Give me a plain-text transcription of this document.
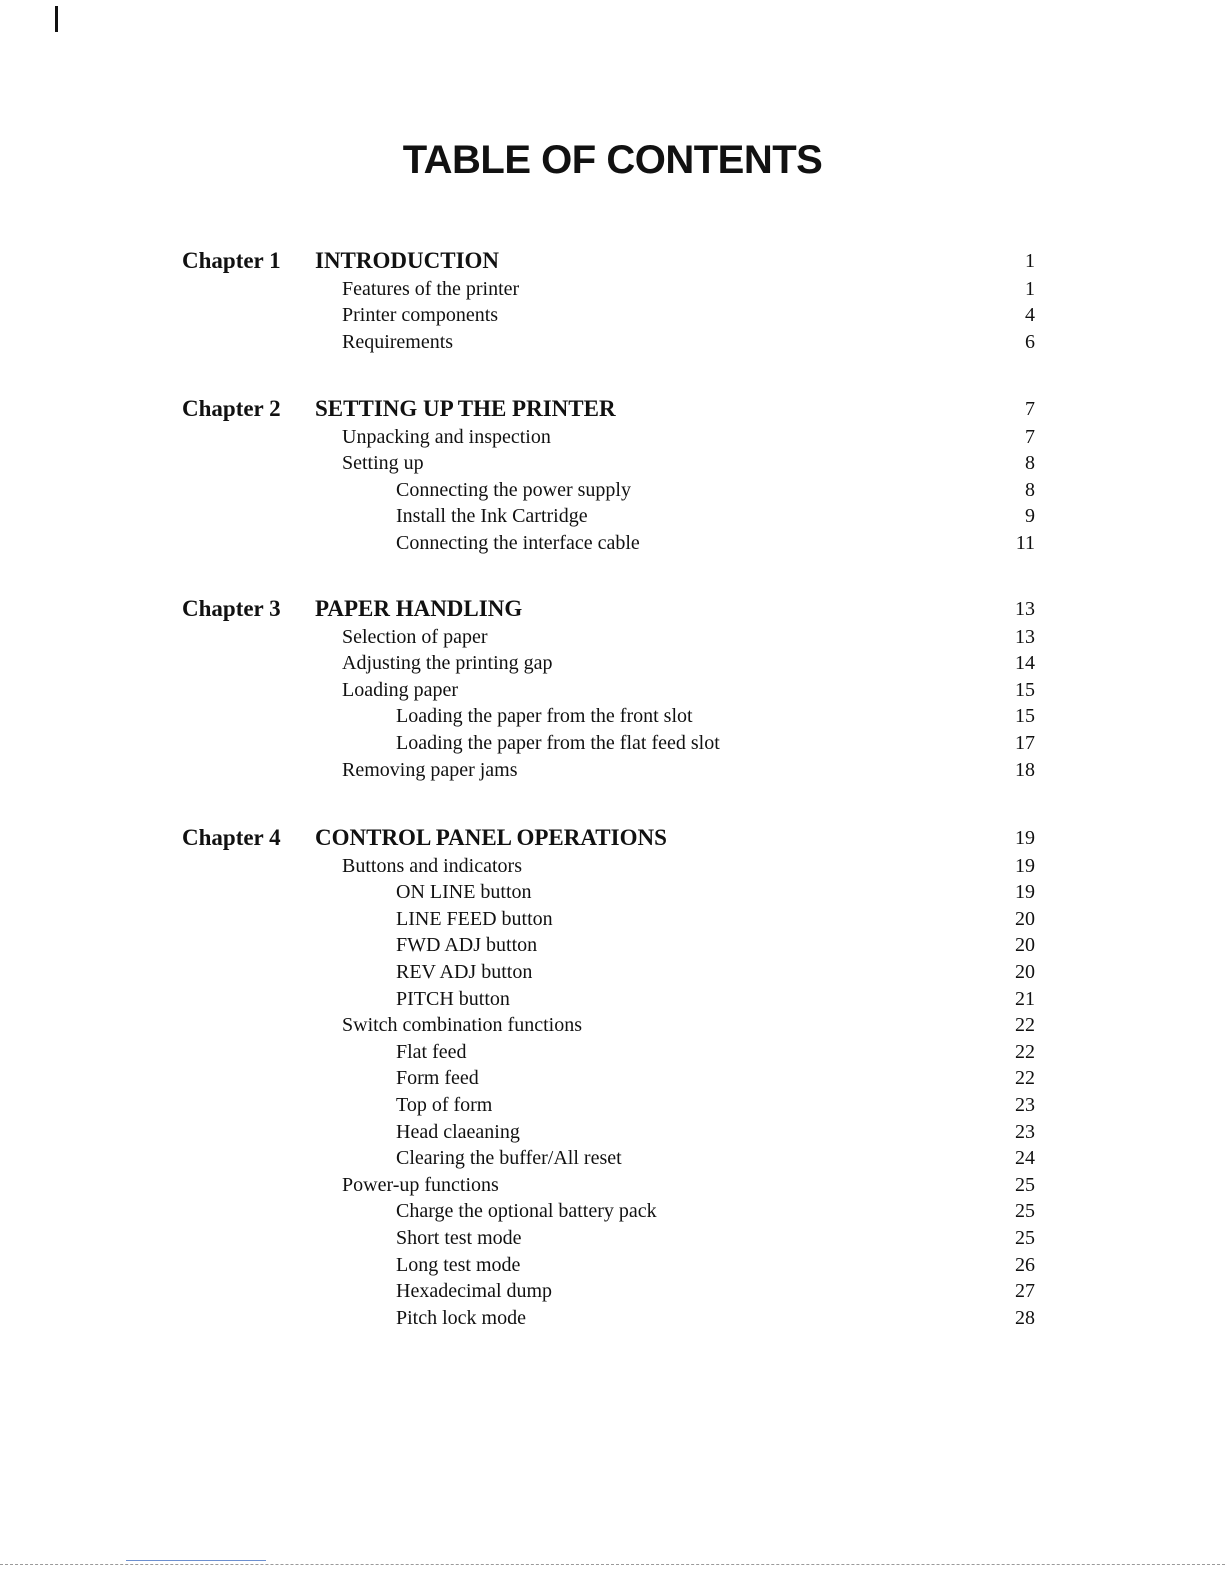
TABLE OF CONTENTS
Chapter 1 INTRODUCTION	1
Features of the printer	1
Printer components	4
Requirements	6
Chapter 2 SETTING UP THE PRINTER	7
Unpacking and inspection	7
Setting up	8
Connecting the power supply	8
Install the Ink Cartridge	9
Connecting the interface cable	11
Chapter 3 PAPER HANDLING	13
Selection of paper	13
Adjusting the printing gap	14
Loading paper	15
Loading the paper from the front slot	15
Loading the paper from the flat feed slot	17
Removing paper jams	18
Chapter 4 CONTROL PANEL OPERATIONS	19
Buttons and indicators	19
ON LINE button	19
LINE FEED button	20
FWD ADJ button	20
REV ADJ button	20
PITCH button	21
Switch combination functions	22
Flat feed	22
Form feed	22
Top of form	23
Head claeaning	23
Clearing the buffer/All reset	24
Power-up functions	25
Charge the optional battery pack	25
Short test mode	25
Long test mode	26
Hexadecimal dump	27
Pitch lock mode	28
